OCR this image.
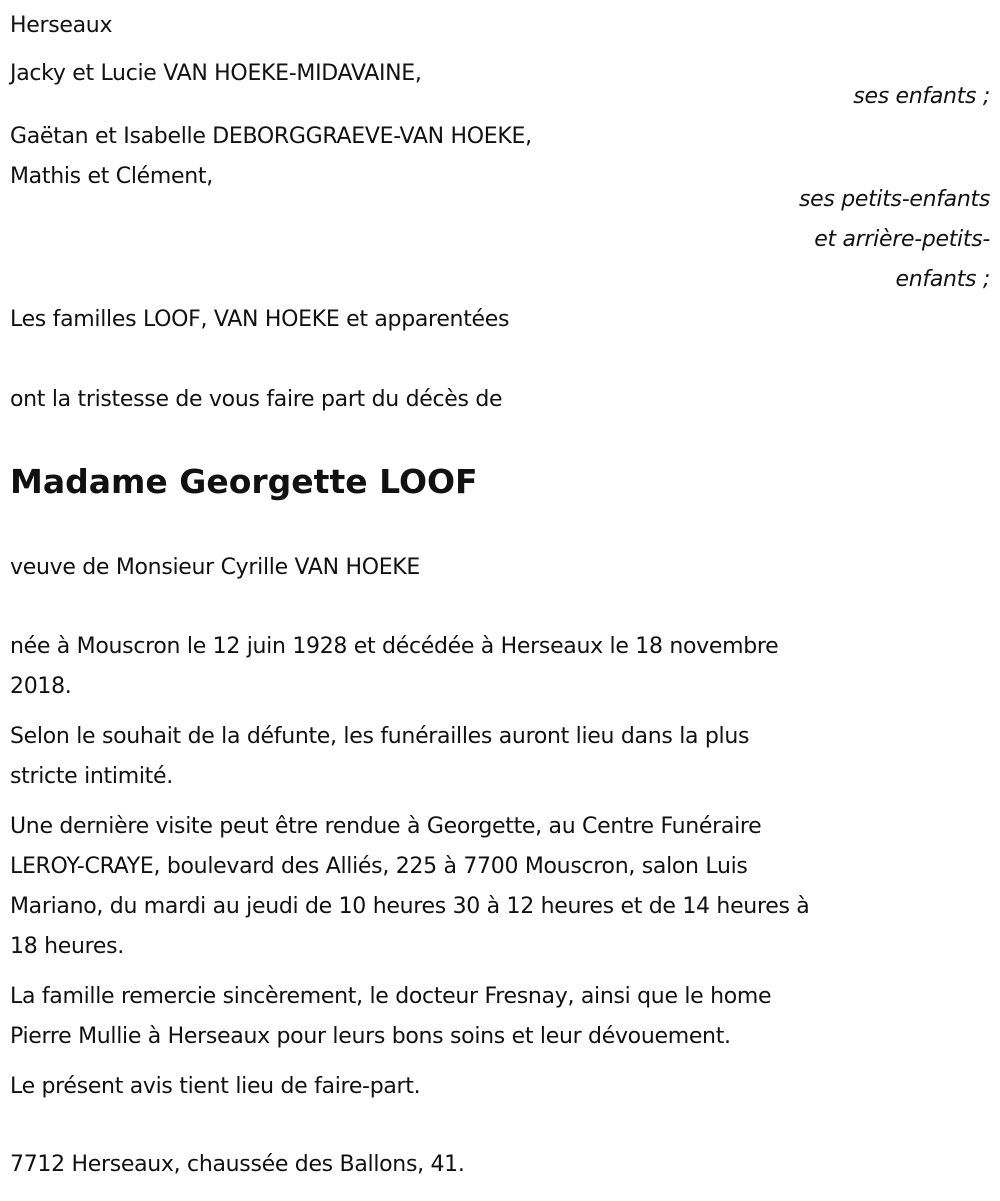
Herseaux
Jacky et Lucie VAN HOEKE-MIDAVAINE,
ses enfants ;
Gaëtan et Isabelle DEBORGGRAEVE-VAN HOEKE,
Mathis et Clément,
ses petits-enfants
et arrière-petits-
enfants ;
Les familles LOOF, VAN HOEKE et apparentées
ont la tristesse de vous faire part du décès de
Madame Georgette LOOF
veuve de Monsieur Cyrille VAN HOEKE
née à Mouscron le 12 juin 1928 et décédée à Herseaux le 18 novembre
2018.
Selon le souhait de la défunte, les funérailles auront lieu dans la plus
stricte intimité.
Une dernière visite peut être rendue à Georgette, au Centre Funéraire
LEROY-CRAYE, boulevard des Alliés, 225 à 7700 Mouscron, salon Luis
Mariano, du mardi au jeudi de 10 heures 30 à 12 heures et de 14 heures à
18 heures.
La famille remercie sincèrement, le docteur Fresnay, ainsi que le home
Pierre Mullie à Herseaux pour leurs bons soins et leur dévouement.
Le présent avis tient lieu de faire-part.
7712 Herseaux, chaussée des Ballons, 41.
